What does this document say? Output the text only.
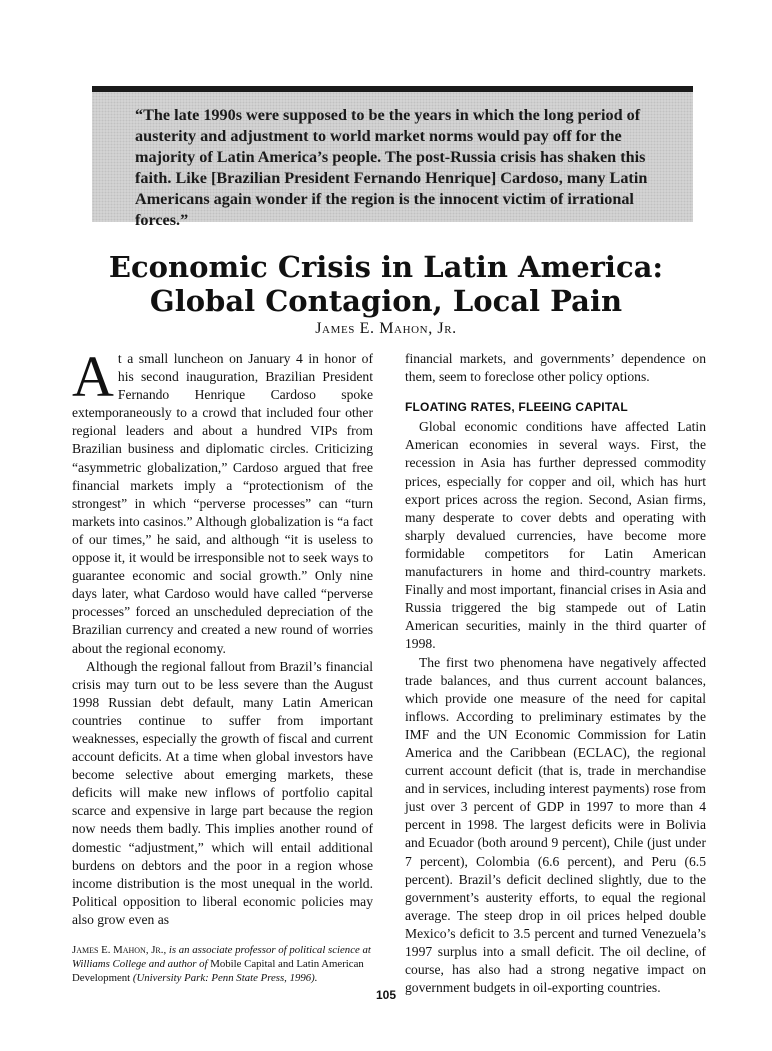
“The late 1990s were supposed to be the years in which the long period of austerity and adjustment to world market norms would pay off for the majority of Latin America’s people. The post-Russia crisis has shaken this faith. Like [Brazilian President Fernando Henrique] Cardoso, many Latin Americans again wonder if the region is the innocent victim of irrational forces.”

Economic Crisis in Latin America:
Global Contagion, Local Pain
James E. Mahon, Jr.

At a small luncheon on January 4 in honor of his second inauguration, Brazilian President Fernando Henrique Cardoso spoke extemporaneously to a crowd that included four other regional leaders and about a hundred VIPs from Brazilian business and diplomatic circles. Criticizing “asymmetric globalization,” Cardoso argued that free financial markets imply a “protectionism of the strongest” in which “perverse processes” can “turn markets into casinos.” Although globalization is “a fact of our times,” he said, and although “it is useless to oppose it, it would be irresponsible not to seek ways to guarantee economic and social growth.” Only nine days later, what Cardoso would have called “perverse processes” forced an unscheduled depreciation of the Brazilian currency and created a new round of worries about the regional economy.

Although the regional fallout from Brazil’s financial crisis may turn out to be less severe than the August 1998 Russian debt default, many Latin American countries continue to suffer from important weaknesses, especially the growth of fiscal and current account deficits. At a time when global investors have become selective about emerging markets, these deficits will make new inflows of portfolio capital scarce and expensive in large part because the region now needs them badly. This implies another round of domestic “adjustment,” which will entail additional burdens on debtors and the poor in a region whose income distribution is the most unequal in the world. Political opposition to liberal economic policies may also grow even as

James E. Mahon, Jr., is an associate professor of political science at Williams College and author of Mobile Capital and Latin American Development (University Park: Penn State Press, 1996).

financial markets, and governments’ dependence on them, seem to foreclose other policy options.

FLOATING RATES, FLEEING CAPITAL

Global economic conditions have affected Latin American economies in several ways. First, the recession in Asia has further depressed commodity prices, especially for copper and oil, which has hurt export prices across the region. Second, Asian firms, many desperate to cover debts and operating with sharply devalued currencies, have become more formidable competitors for Latin American manufacturers in home and third-country markets. Finally and most important, financial crises in Asia and Russia triggered the big stampede out of Latin American securities, mainly in the third quarter of 1998.

The first two phenomena have negatively affected trade balances, and thus current account balances, which provide one measure of the need for capital inflows. According to preliminary estimates by the IMF and the UN Economic Commission for Latin America and the Caribbean (ECLAC), the regional current account deficit (that is, trade in merchandise and in services, including interest payments) rose from just over 3 percent of GDP in 1997 to more than 4 percent in 1998. The largest deficits were in Bolivia and Ecuador (both around 9 percent), Chile (just under 7 percent), Colombia (6.6 percent), and Peru (6.5 percent). Brazil’s deficit declined slightly, due to the government’s austerity efforts, to equal the regional average. The steep drop in oil prices helped double Mexico’s deficit to 3.5 percent and turned Venezuela’s 1997 surplus into a small deficit. The oil decline, of course, has also had a strong negative impact on government budgets in oil-exporting countries.

105
